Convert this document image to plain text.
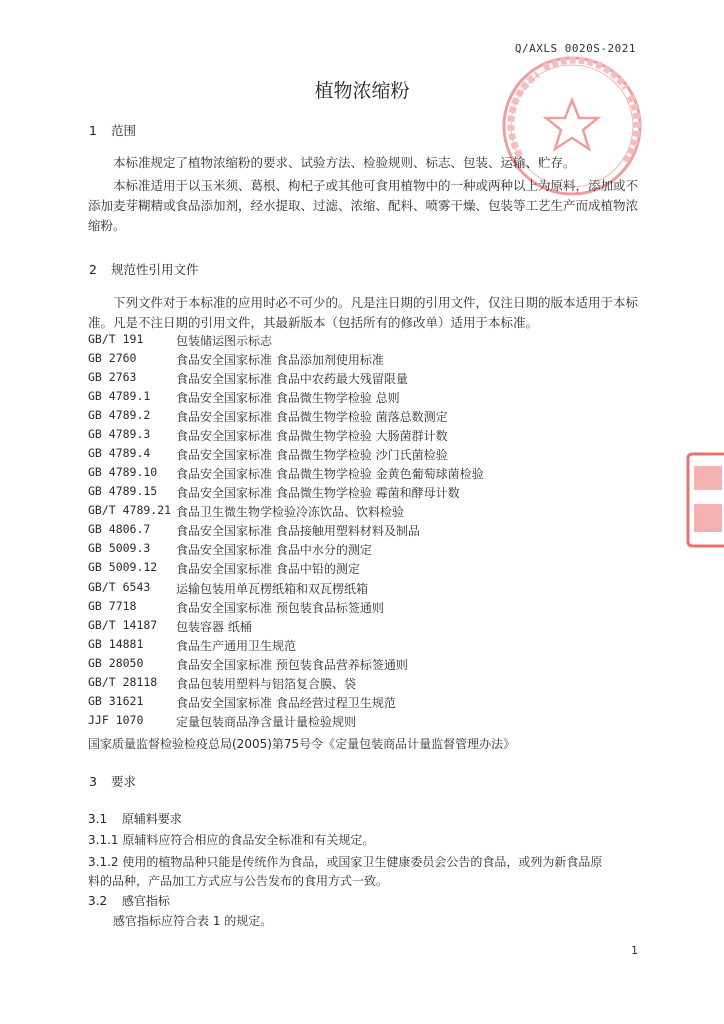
Q/AXLS 0020S-2021
植物浓缩粉
1 范围
本标准规定了植物浓缩粉的要求、试验方法、检验规则、标志、包装、运输、贮存。
本标准适用于以玉米须、葛根、枸杞子或其他可食用植物中的一种或两种以上为原料，添加或不添加麦芽糊精或食品添加剂，经水提取、过滤、浓缩、配料、喷雾干燥、包装等工艺生产而成植物浓缩粉。
2 规范性引用文件
下列文件对于本标准的应用时必不可少的。凡是注日期的引用文件，仅注日期的版本适用于本标准。凡是不注日期的引用文件，其最新版本（包括所有的修改单）适用于本标准。
GB/T 191	包装储运图示标志
GB 2760	食品安全国家标准 食品添加剂使用标准
GB 2763	食品安全国家标准 食品中农药最大残留限量
GB 4789.1 食品安全国家标准 食品微生物学检验 总则
GB 4789.2 食品安全国家标准 食品微生物学检验 菌落总数测定
GB 4789.3 食品安全国家标准 食品微生物学检验 大肠菌群计数
GB 4789.4 食品安全国家标准 食品微生物学检验 沙门氏菌检验
GB 4789.10 食品安全国家标准 食品微生物学检验 金黄色葡萄球菌检验
GB 4789.15 食品安全国家标准 食品微生物学检验 霉菌和酵母计数
GB/T 4789.21 食品卫生微生物学检验冷冻饮品、饮料检验
GB 4806.7 食品安全国家标准 食品接触用塑料材料及制品
GB 5009.3 食品安全国家标准 食品中水分的测定
GB 5009.12 食品安全国家标准 食品中铅的测定
GB/T 6543 运输包装用单瓦楞纸箱和双瓦楞纸箱
GB 7718	食品安全国家标准 预包装食品标签通则
GB/T 14187 包装容器 纸桶
GB 14881	食品生产通用卫生规范
GB 28050	食品安全国家标准 预包装食品营养标签通则
GB/T 28118 食品包装用塑料与铝箔复合膜、袋
GB 31621	食品安全国家标准 食品经营过程卫生规范
JJF 1070	定量包装商品净含量计量检验规则
国家质量监督检验检疫总局(2005)第75号令《定量包装商品计量监督管理办法》
3 要求
3.1 原辅料要求
3.1.1 原辅料应符合相应的食品安全标准和有关规定。
3.1.2 使用的植物品种只能是传统作为食品，或国家卫生健康委员会公告的食品，或列为新食品原
料的品种，产品加工方式应与公告发布的食用方式一致。
3.2 感官指标
感官指标应符合表 1 的规定。
1
